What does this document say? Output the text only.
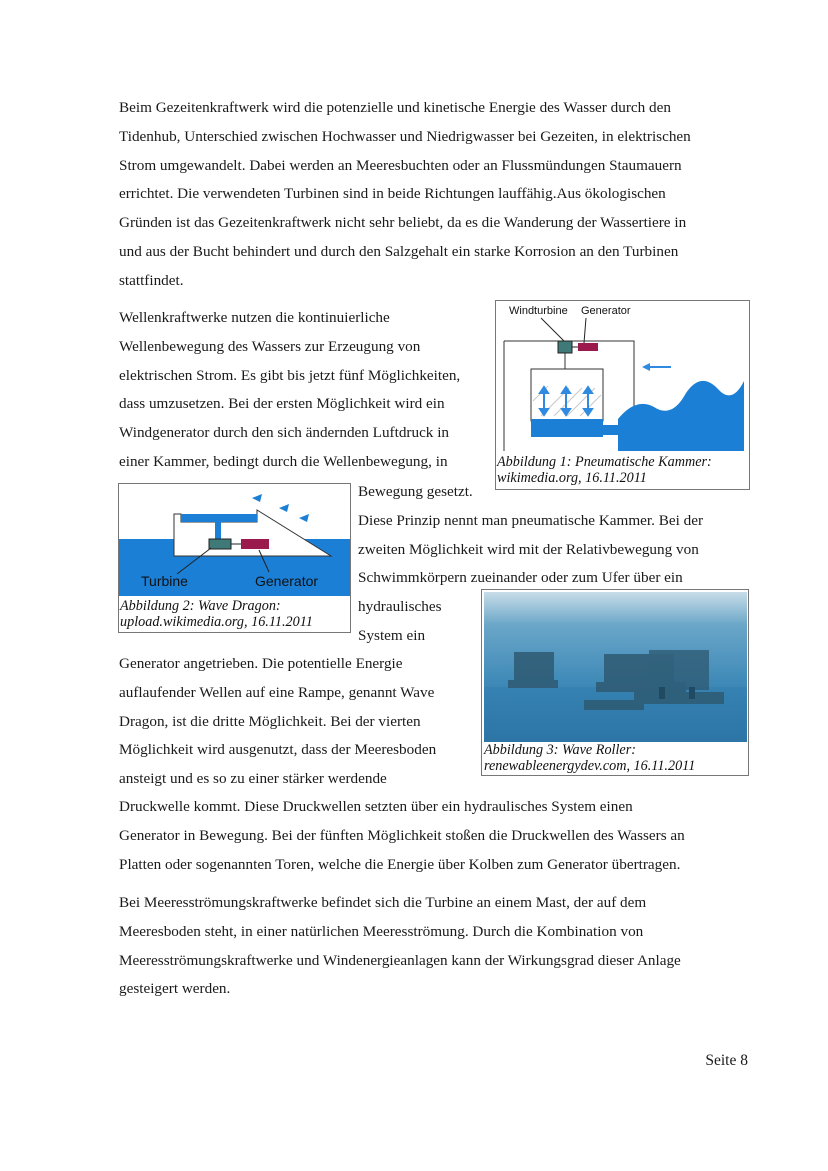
Beim Gezeitenkraftwerk wird die potenzielle und kinetische Energie des Wasser durch den
Tidenhub, Unterschied zwischen Hochwasser und Niedrigwasser bei Gezeiten, in elektrischen
Strom umgewandelt. Dabei werden an Meeresbuchten oder an Flussmündungen Staumauern
errichtet. Die verwendeten Turbinen sind in beide Richtungen lauffähig.Aus ökologischen
Gründen ist das Gezeitenkraftwerk nicht sehr beliebt, da es die Wanderung der Wassertiere in
und aus der Bucht behindert und durch den Salzgehalt ein starke Korrosion an den Turbinen
stattfindet.
Wellenkraftwerke nutzen die kontinuierliche
Wellenbewegung des Wassers zur Erzeugung von
elektrischen Strom. Es gibt bis jetzt fünf Möglichkeiten,
dass umzusetzen. Bei der ersten Möglichkeit wird ein
Windgenerator durch den sich ändernden Luftdruck in
einer Kammer, bedingt durch die Wellenbewegung, in
Bewegung gesetzt.
Diese Prinzip nennt man pneumatische Kammer. Bei der
zweiten Möglichkeit wird mit der Relativbewegung von
Schwimmkörpern zueinander oder zum Ufer über ein
hydraulisches
System ein
Generator angetrieben. Die potentielle Energie
auflaufender Wellen auf eine Rampe, genannt Wave
Dragon, ist die dritte Möglichkeit. Bei der vierten
Möglichkeit wird ausgenutzt, dass der Meeresboden
ansteigt und es so zu einer stärker werdende
Druckwelle kommt. Diese Druckwellen setzten über ein hydraulisches System einen
Generator in Bewegung. Bei der fünften Möglichkeit stoßen die Druckwellen des Wassers an
Platten oder sogenannten Toren, welche die Energie über Kolben zum Generator übertragen.
Bei Meeresströmungskraftwerke befindet sich die Turbine an einem Mast, der auf dem
Meeresboden steht, in einer natürlichen Meeresströmung. Durch die Kombination von
Meeresströmungskraftwerke und Windenergieanlagen kann der Wirkungsgrad dieser Anlage
gesteigert werden.
Windturbine Generator
Abbildung 1: Pneumatische Kammer:
wikimedia.org, 16.11.2011
Turbine	Generator
Abbildung 2: Wave Dragon:
upload.wikimedia.org, 16.11.2011
Abbildung 3: Wave Roller:
renewableenergydev.com, 16.11.2011
Seite 8
